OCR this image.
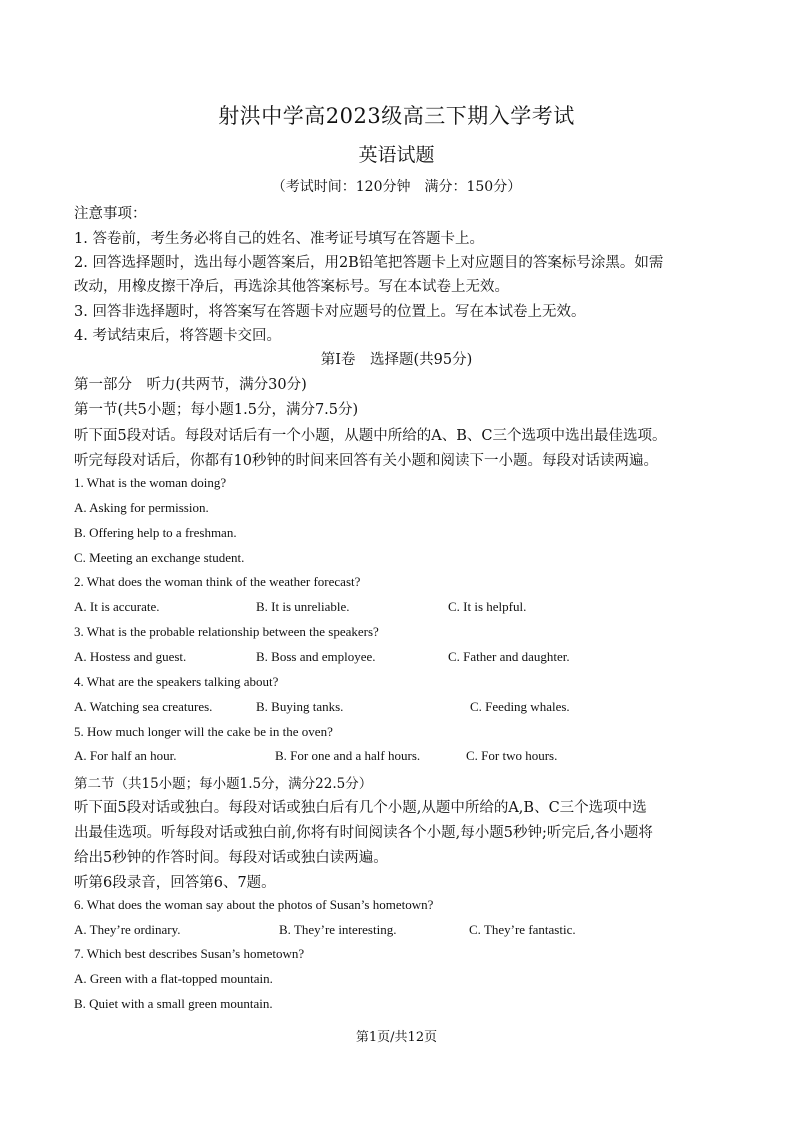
射洪中学高2023级高三下期入学考试
英语试题
（考试时间：120分钟　满分：150分）
注意事项：
1. 答卷前，考生务必将自己的姓名、准考证号填写在答题卡上。
2. 回答选择题时，选出每小题答案后，用2B铅笔把答题卡上对应题目的答案标号涂黑。如需
改动，用橡皮擦干净后，再选涂其他答案标号。写在本试卷上无效。
3. 回答非选择题时，将答案写在答题卡对应题号的位置上。写在本试卷上无效。
4. 考试结束后，将答题卡交回。
第I卷　选择题(共95分)
第一部分　听力(共两节，满分30分)
第一节(共5小题；每小题1.5分，满分7.5分)
听下面5段对话。每段对话后有一个小题，从题中所给的A、B、C三个选项中选出最佳选项。
听完每段对话后，你都有10秒钟的时间来回答有关小题和阅读下一小题。每段对话读两遍。
1. What is the woman doing?
A. Asking for permission.
B. Offering help to a freshman.
C. Meeting an exchange student.
2. What does the woman think of the weather forecast?
A. It is accurate.	B. It is unreliable.	C. It is helpful.
3. What is the probable relationship between the speakers?
A. Hostess and guest.	B. Boss and employee.	C. Father and daughter.
4. What are the speakers talking about?
A. Watching sea creatures.	B. Buying tanks.	C. Feeding whales.
5. How much longer will the cake be in the oven?
A. For half an hour.	B. For one and a half hours.	C. For two hours.
第二节（共15小题；每小题1.5分，满分22.5分）
听下面5段对话或独白。每段对话或独白后有几个小题,从题中所给的A,B、C三个选项中选
出最佳选项。听每段对话或独白前,你将有时间阅读各个小题,每小题5秒钟;听完后,各小题将
给出5秒钟的作答时间。每段对话或独白读两遍。
听第6段录音，回答第6、7题。
6. What does the woman say about the photos of Susan’s hometown?
A. They’re ordinary.	B. They’re interesting.	C. They’re fantastic.
7. Which best describes Susan’s hometown?
A. Green with a flat-topped mountain.
B. Quiet with a small green mountain.
第1页/共12页
